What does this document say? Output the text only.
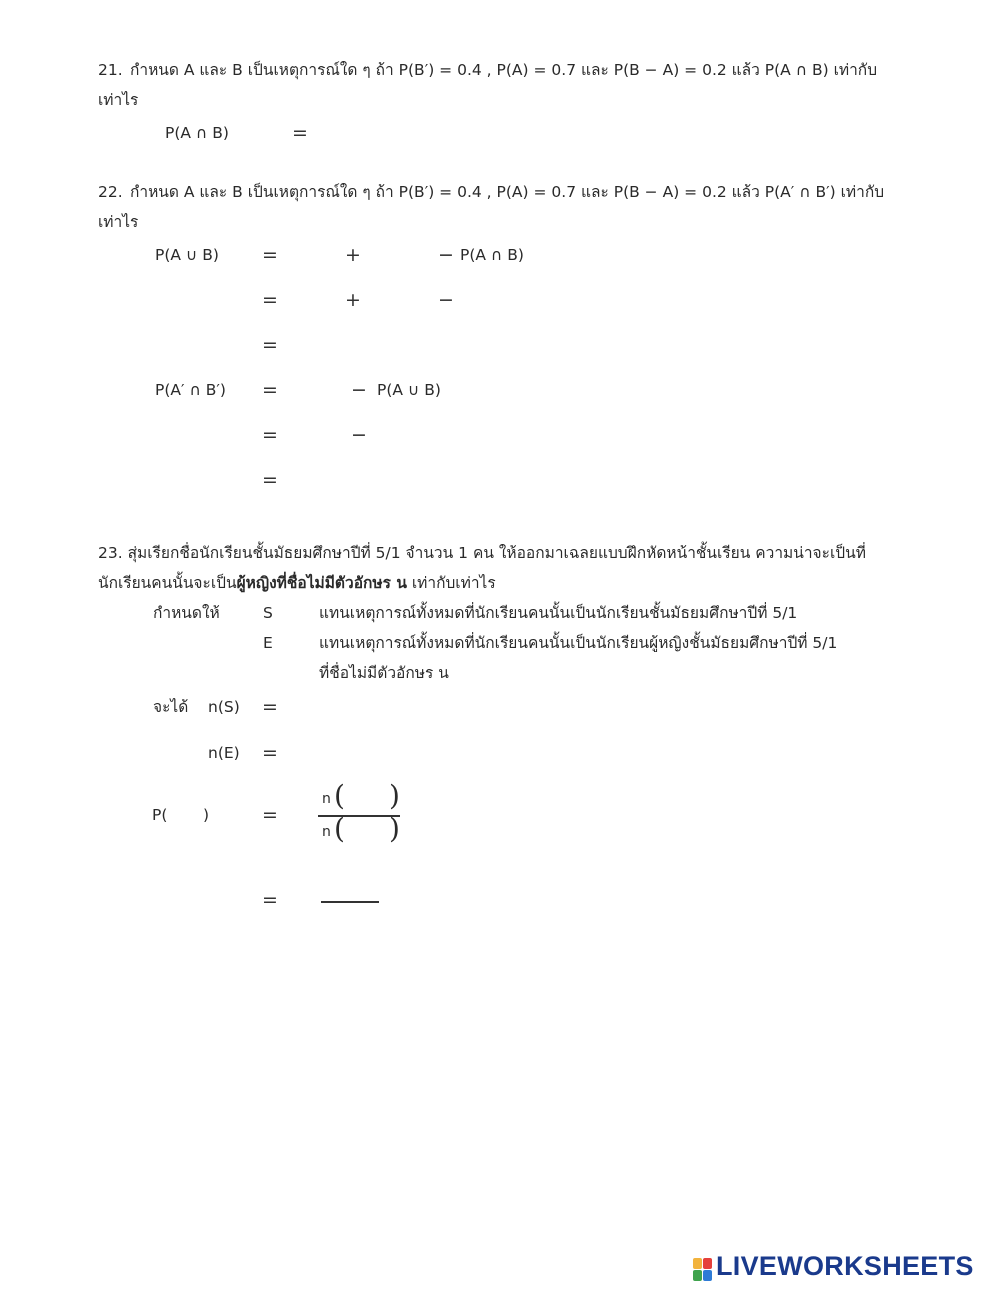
21. กำหนด A และ B เป็นเหตุการณ์ใด ๆ ถ้า P(B′) = 0.4 , P(A) = 0.7 และ P(B − A) = 0.2 แล้ว P(A ∩ B) เท่ากับ
เท่าไร
P(A ∩ B)	=
22. กำหนด A และ B เป็นเหตุการณ์ใด ๆ ถ้า P(B′) = 0.4 , P(A) = 0.7 และ P(B − A) = 0.2 แล้ว P(A′ ∩ B′) เท่ากับ
เท่าไร
P(A ∪ B) =	+	− P(A ∩ B)
=	+	−
=
P(A′ ∩ B′) =	− P(A ∪ B)
=	−
=
23. สุ่มเรียกชื่อนักเรียนชั้นมัธยมศึกษาปีที่ 5/1 จำนวน 1 คน ให้ออกมาเฉลยแบบฝึกหัดหน้าชั้นเรียน ความน่าจะเป็นที่
นักเรียนคนนั้นจะเป็นผู้หญิงที่ชื่อไม่มีตัวอักษร น เท่ากับเท่าไร
กำหนดให้	S	แทนเหตุการณ์ทั้งหมดที่นักเรียนคนนั้นเป็นนักเรียนชั้นมัธยมศึกษาปีที่ 5/1
E	แทนเหตุการณ์ทั้งหมดที่นักเรียนคนนั้นเป็นนักเรียนผู้หญิงชั้นมัธยมศึกษาปีที่ 5/1
ที่ชื่อไม่มีตัวอักษร น
จะได้ n(S) =
n(E) =
P( )	=
n ( )
n ( )
=
LIVEWORKSHEETS
